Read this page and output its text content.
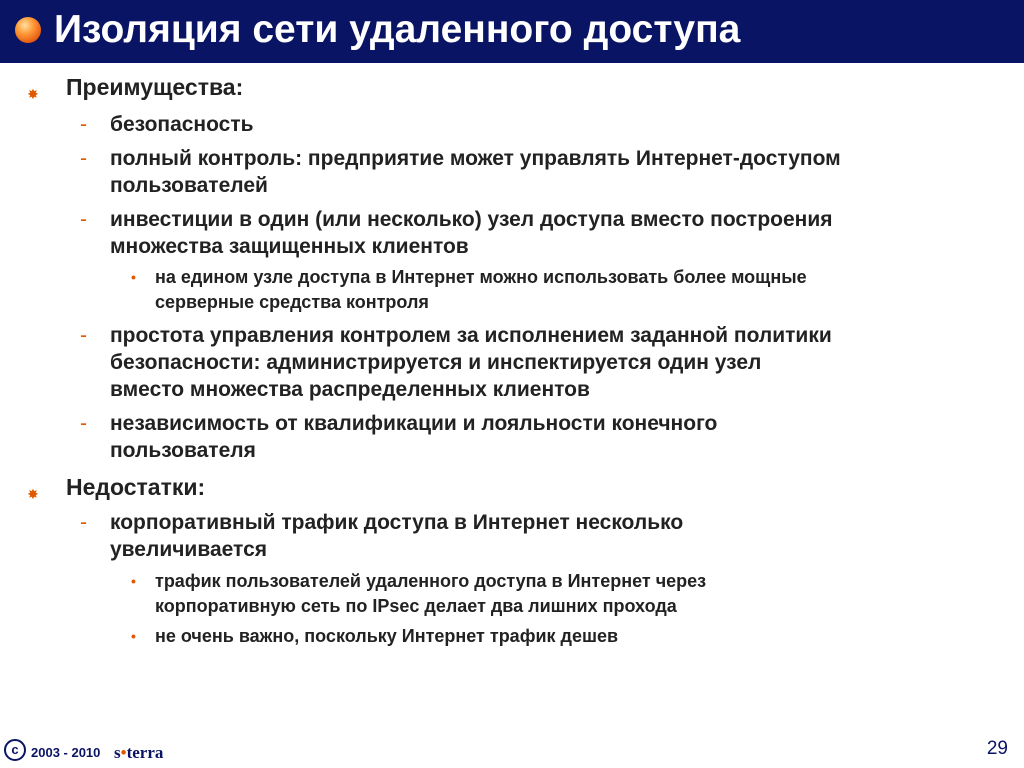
Изоляция сети удаленного доступа
✸ Преимущества:
- безопасность
- полный контроль: предприятие может управлять Интернет-доступом
пользователей
- инвестиции в один (или несколько) узел доступа вместо построения
множества защищенных клиентов
• на едином узле доступа в Интернет можно использовать более мощные
серверные средства контроля
- простота управления контролем за исполнением заданной политики
безопасности: администрируется и инспектируется один узел
вместо множества распределенных клиентов
- независимость от квалификации и лояльности конечного
пользователя
✸ Недостатки:
- корпоративный трафик доступа в Интернет несколько
увеличивается
• трафик пользователей удаленного доступа в Интернет через
корпоративную сеть по IPsec делает два лишних прохода
• не очень важно, поскольку Интернет трафик дешев
c 2003 - 2010 s•terra	29
